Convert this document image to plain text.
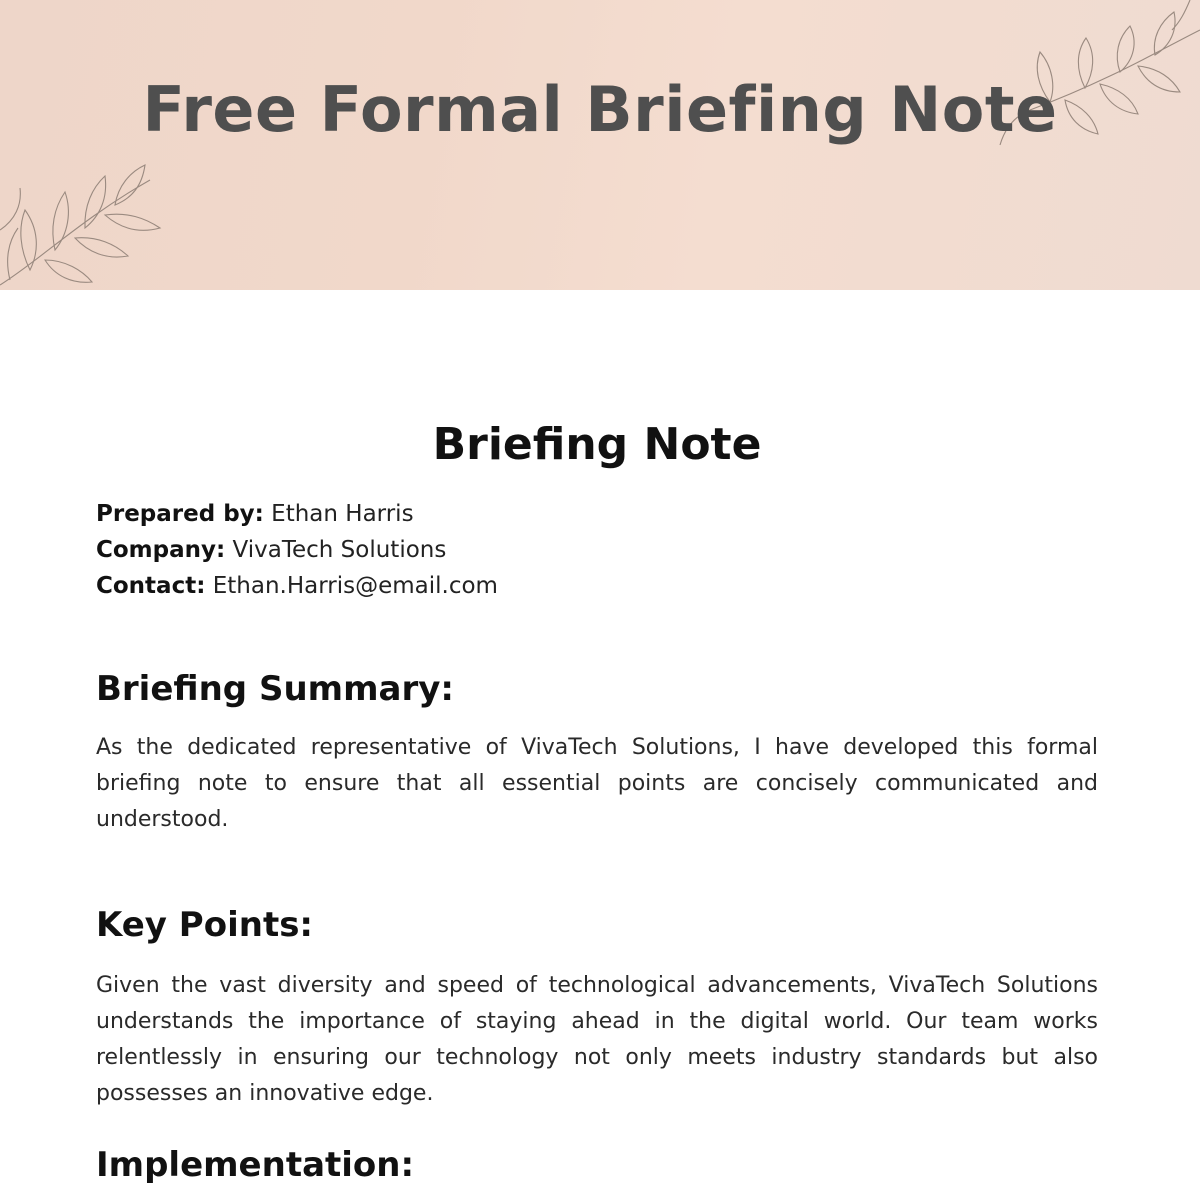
Free Formal Briefing Note
Briefing Note
Prepared by: Ethan Harris
Company: VivaTech Solutions
Contact: Ethan.Harris@email.com
Briefing Summary:

As the dedicated representative of VivaTech Solutions, I have developed this formal briefing note to ensure that all essential points are concisely communicated and understood.

Key Points:

Given the vast diversity and speed of technological advancements, VivaTech Solutions understands the importance of staying ahead in the digital world. Our team works relentlessly in ensuring our technology not only meets industry standards but also possesses an innovative edge.

Implementation:
